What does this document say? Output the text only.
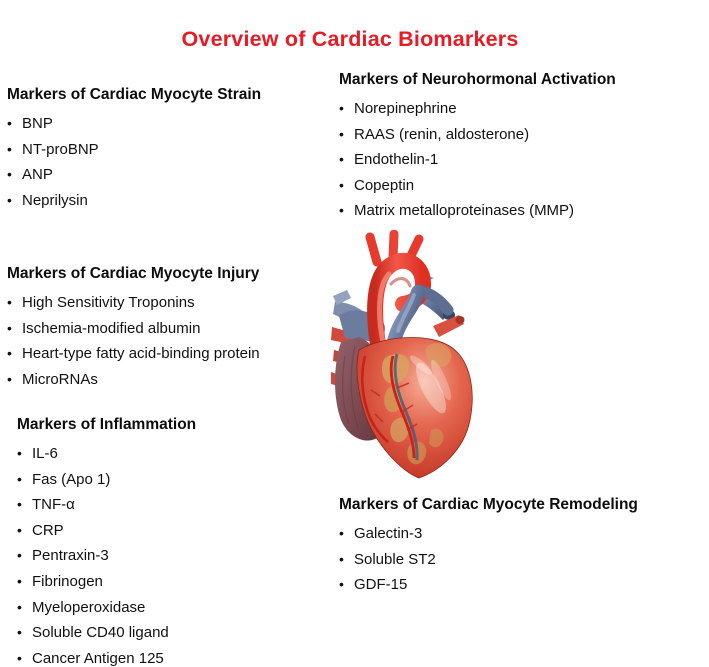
Overview of Cardiac Biomarkers
Markers of Cardiac Myocyte Strain
• BNP
• NT-proBNP
• ANP
• Neprilysin
Markers of Cardiac Myocyte Injury
• High Sensitivity Troponins
• Ischemia-modified albumin
• Heart-type fatty acid-binding protein
• MicroRNAs
Markers of Inflammation
• IL-6
• Fas (Apo 1)
• TNF-α
• CRP
• Pentraxin-3
• Fibrinogen
• Myeloperoxidase
• Soluble CD40 ligand
• Cancer Antigen 125
Markers of Neurohormonal Activation
• Norepinephrine
• RAAS (renin, aldosterone)
• Endothelin-1
• Copeptin
• Matrix metalloproteinases (MMP)
Markers of Cardiac Myocyte Remodeling
• Galectin-3
• Soluble ST2
• GDF-15
